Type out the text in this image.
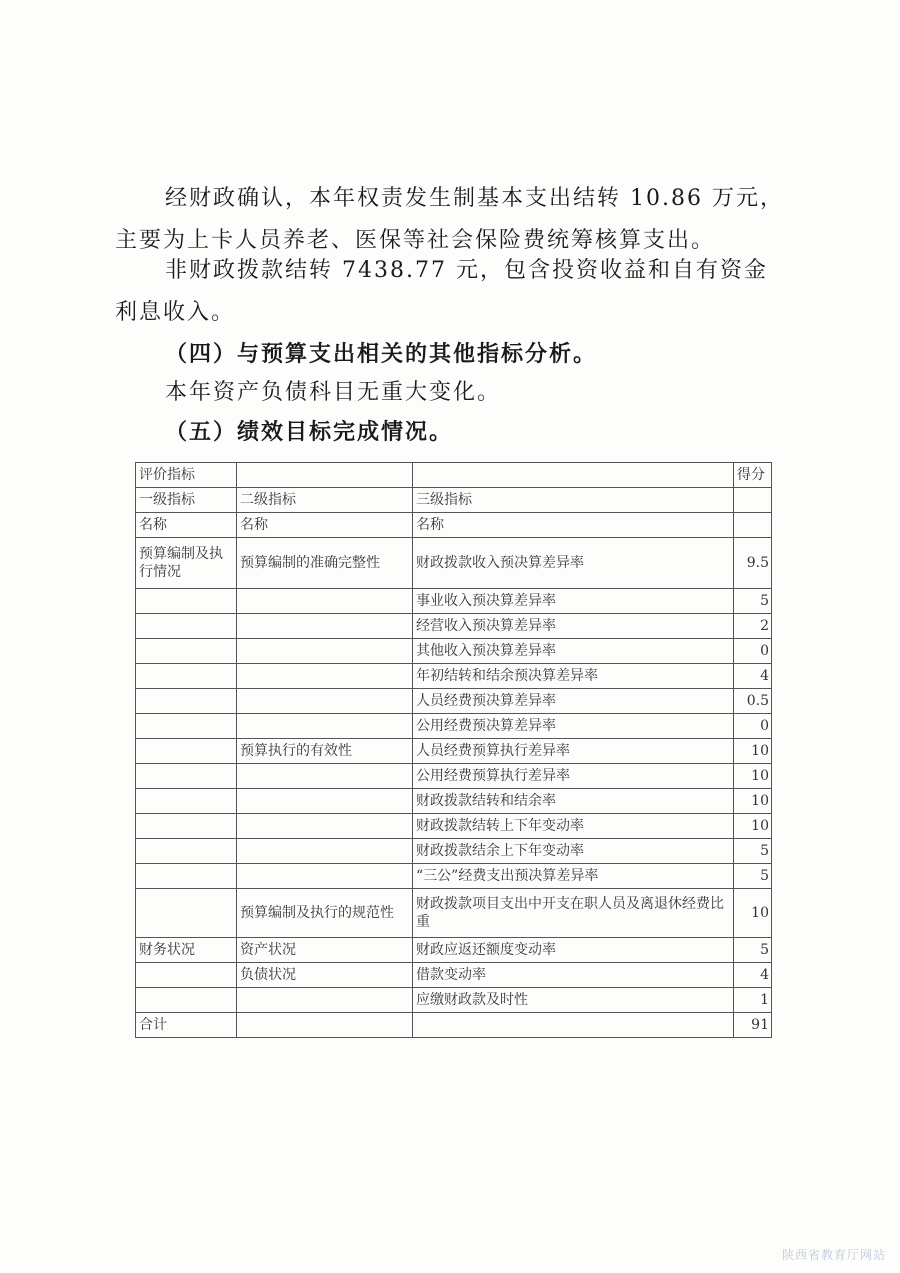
经财政确认，本年权责发生制基本支出结转 10.86 万元，主要为上卡人员养老、医保等社会保险费统筹核算支出。

非财政拨款结转 7438.77 元，包含投资收益和自有资金利息收入。

（四）与预算支出相关的其他指标分析。

本年资产负债科目无重大变化。

（五）绩效目标完成情况。

评价指标			得分
一级指标	二级指标	三级指标	
名称	名称	名称	
预算编制及执行情况	预算编制的准确完整性	财政拨款收入预决算差异率	9.5
		事业收入预决算差异率	5
		经营收入预决算差异率	2
		其他收入预决算差异率	0
		年初结转和结余预决算差异率	4
		人员经费预决算差异率	0.5
		公用经费预决算差异率	0
	预算执行的有效性	人员经费预算执行差异率	10
		公用经费预算执行差异率	10
		财政拨款结转和结余率	10
		财政拨款结转上下年变动率	10
		财政拨款结余上下年变动率	5
		“三公”经费支出预决算差异率	5
	预算编制及执行的规范性	财政拨款项目支出中开支在职人员及离退休经费比重	10
财务状况	资产状况	财政应返还额度变动率	5
	负债状况	借款变动率	4
		应缴财政款及时性	1
合计			91
陕西省教育厅网站
